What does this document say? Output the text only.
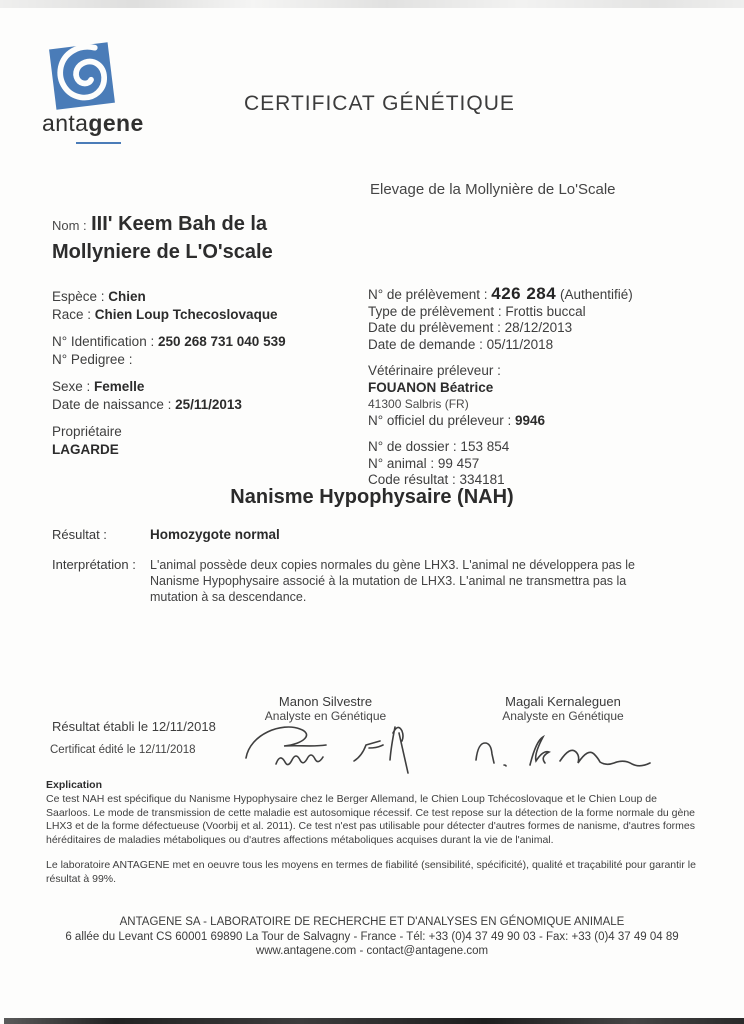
antagene
CERTIFICAT GÉNÉTIQUE
Elevage de la Mollynière de Lo'Scale
Nom : III' Keem Bah de la Mollyniere de L'O'scale
Espèce : Chien
Race : Chien Loup Tchecoslovaque
N° Identification : 250 268 731 040 539
N° Pedigree :
Sexe : Femelle
Date de naissance : 25/11/2013
Propriétaire
LAGARDE
N° de prélèvement : 426 284 (Authentifié)
Type de prélèvement : Frottis buccal
Date du prélèvement : 28/12/2013
Date de demande : 05/11/2018
Vétérinaire préleveur :
FOUANON Béatrice
41300 Salbris (FR)
N° officiel du préleveur : 9946
N° de dossier : 153 854
N° animal : 99 457
Code résultat : 334181
Nanisme Hypophysaire (NAH)
Résultat :	Homozygote normal
Interprétation :	L'animal possède deux copies normales du gène LHX3. L'animal ne développera pas le Nanisme Hypophysaire associé à la mutation de LHX3. L'animal ne transmettra pas la mutation à sa descendance.
Manon Silvestre
Analyste en Génétique
Magali Kernaleguen
Analyste en Génétique
Résultat établi le 12/11/2018
Certificat édité le 12/11/2018
Explication
Ce test NAH est spécifique du Nanisme Hypophysaire chez le Berger Allemand, le Chien Loup Tchécoslovaque et le Chien Loup de Saarloos. Le mode de transmission de cette maladie est autosomique récessif. Ce test repose sur la détection de la forme normale du gène LHX3 et de la forme défectueuse (Voorbij et al. 2011). Ce test n'est pas utilisable pour détecter d'autres formes de nanisme, d'autres formes héréditaires de maladies métaboliques ou d'autres affections métaboliques acquises durant la vie de l'animal.
Le laboratoire ANTAGENE met en oeuvre tous les moyens en termes de fiabilité (sensibilité, spécificité), qualité et traçabilité pour garantir le résultat à 99%.
ANTAGENE SA - LABORATOIRE DE RECHERCHE ET D'ANALYSES EN GÉNOMIQUE ANIMALE
6 allée du Levant CS 60001 69890 La Tour de Salvagny - France - Tél: +33 (0)4 37 49 90 03 - Fax: +33 (0)4 37 49 04 89
www.antagene.com - contact@antagene.com
